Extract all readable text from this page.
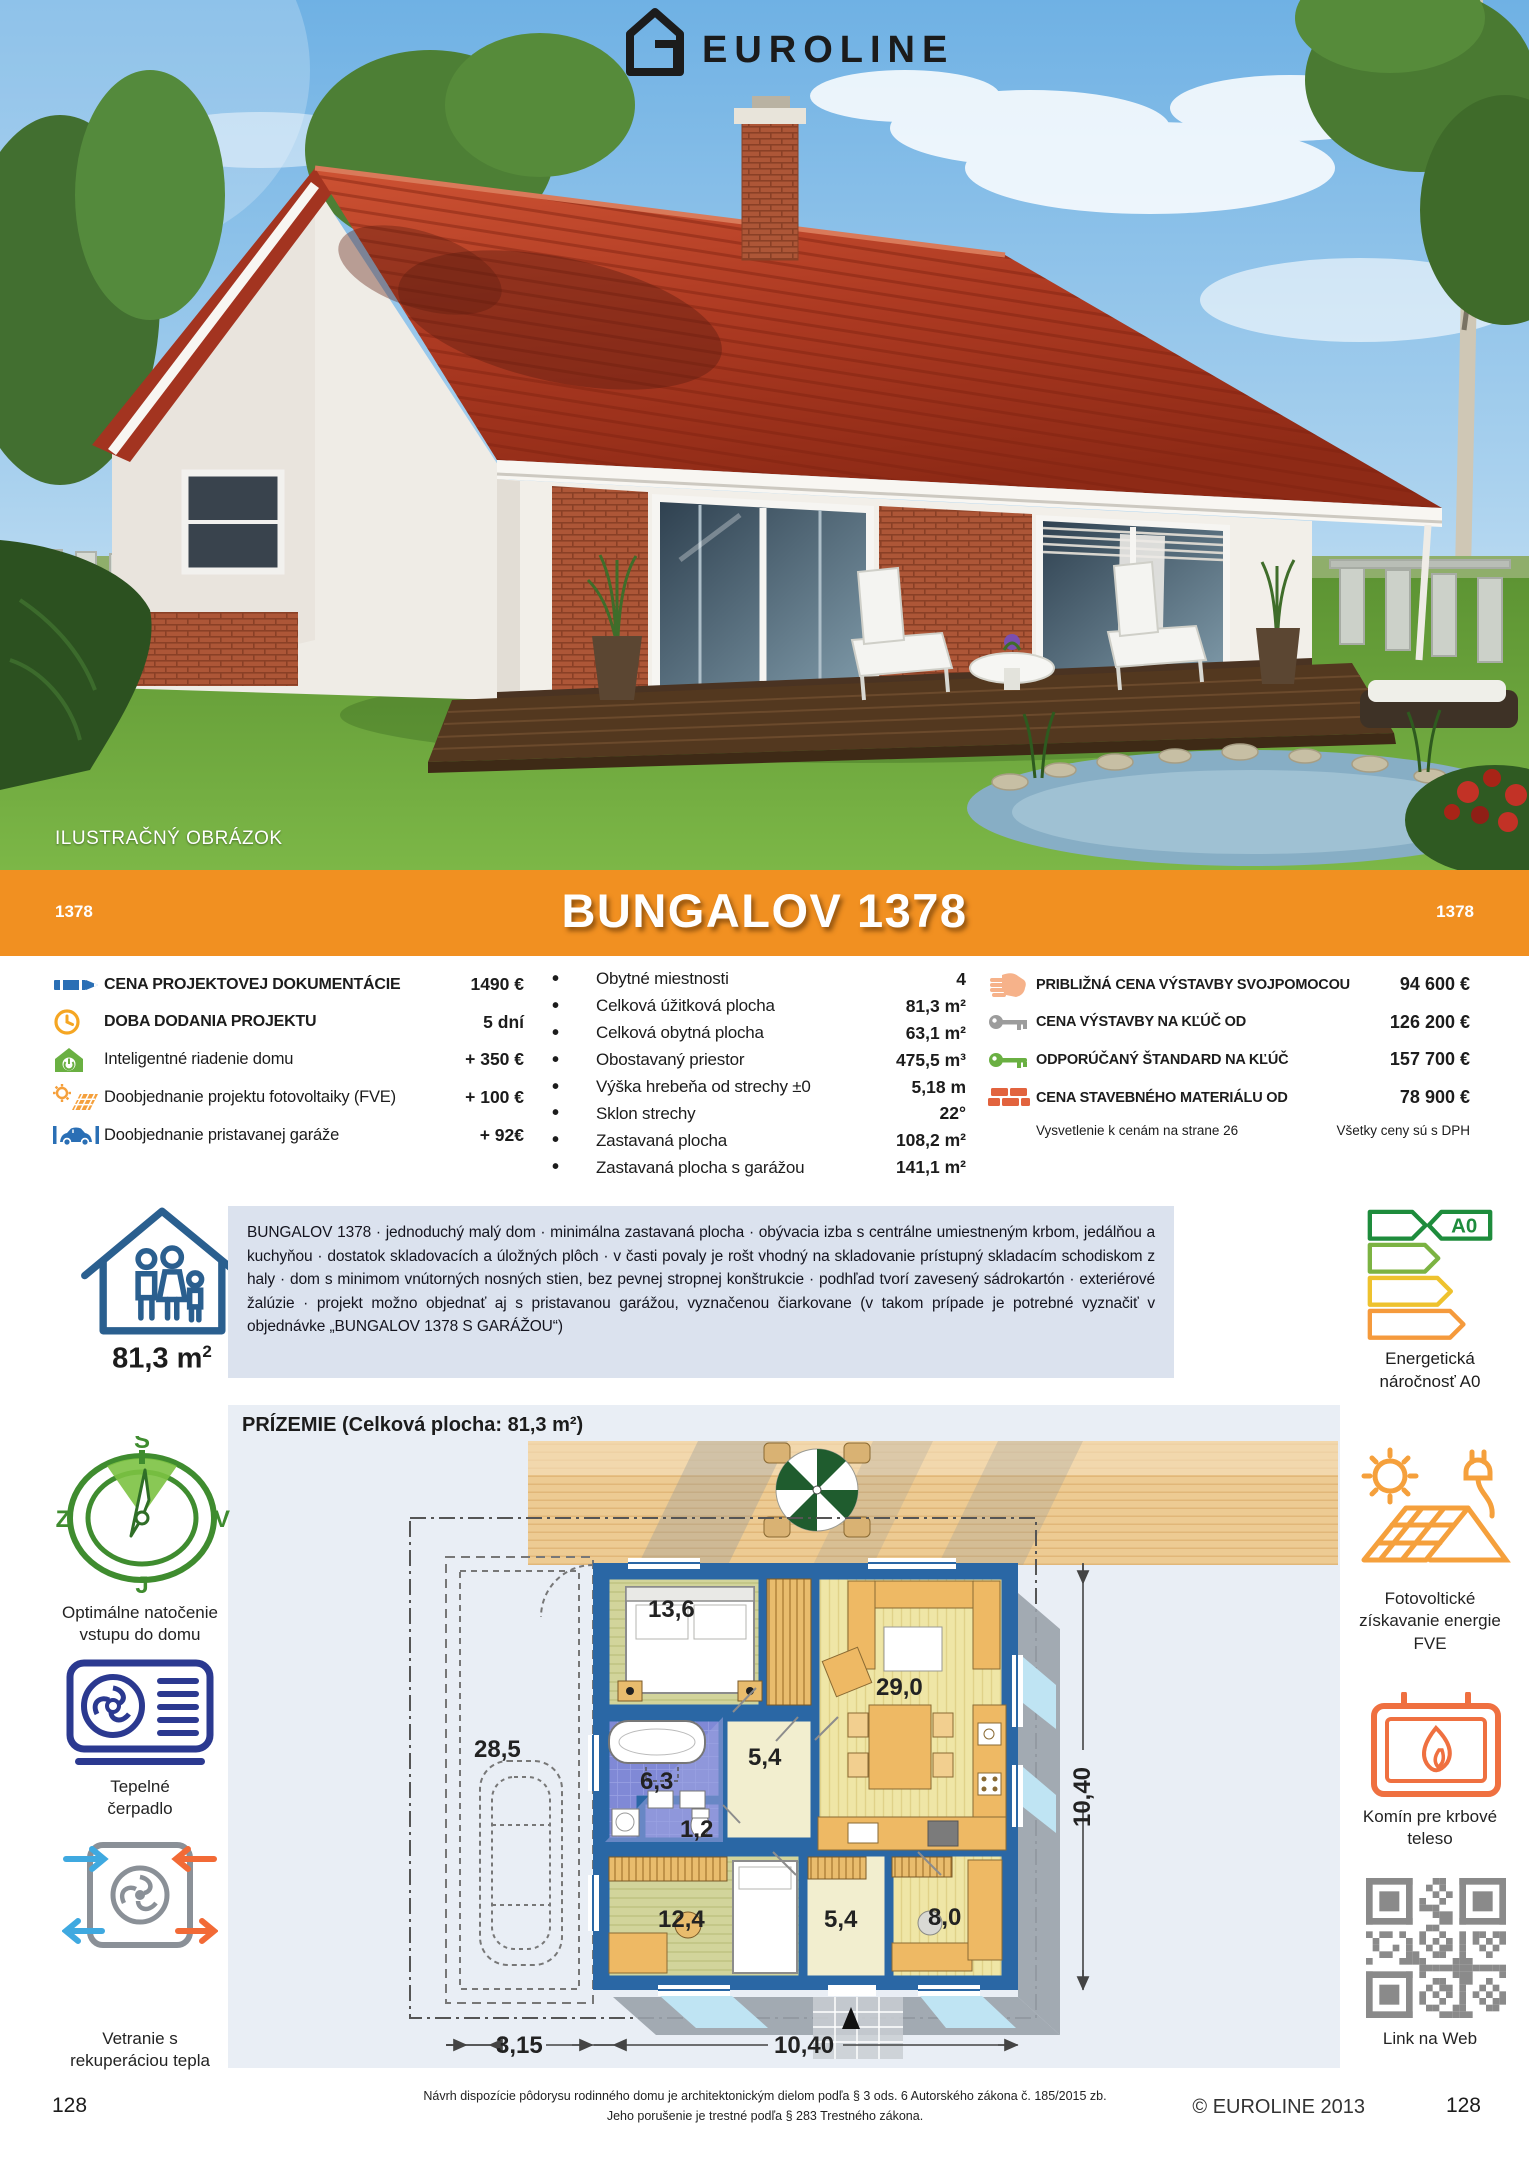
EUROLINE
ILUSTRAČNÝ OBRÁZOK
1378	BUNGALOV 1378	1378
CENA PROJEKTOVEJ DOKUMENTÁCIE	1490 €
DOBA DODANIA PROJEKTU	5 dní
Inteligentné riadenie domu	+ 350 €
Doobjednanie projektu fotovoltaiky (FVE)	+ 100 €
Doobjednanie pristavanej garáže	+ 92€
•
Obytné miestnosti	4
•
Celková úžitková plocha	81,3 m²
•
Celková obytná plocha	63,1 m²
•
Obostavaný priestor	475,5 m³
•
Výška hrebeňa od strechy ±0	5,18 m
•
Sklon strechy	22°
•
Zastavaná plocha	108,2 m²
•
Zastavaná plocha s garážou	141,1 m²
PRIBLIŽNÁ CENA VÝSTAVBY SVOJPOMOCOU	94 600 €
CENA VÝSTAVBY NA KĽÚČ OD	126 200 €
ODPORÚČANÝ ŠTANDARD NA KĽÚČ	157 700 €
CENA STAVEBNÉHO MATERIÁLU OD	78 900 €
Vysvetlenie k cenám na strane 26	Všetky ceny sú s DPH
81,3 $m^2$
BUNGALOV 1378 · jednoduchý malý dom · minimálna zastavaná plocha · obývacia izba s centrálne umiestneným krbom, jedálňou a kuchyňou · dostatok skladovacích a úložných plôch · v časti povaly je rošt vhodný na skladovanie prístupný skladacím schodiskom z haly · dom s minimom vnútorných nosných stien, bez pevnej stropnej konštrukcie · podhľad tvorí zavesený sádrokartón · exteriérové žalúzie · projekt možno objednať aj s pristavanou garážou, vyznačenou čiarkovane (v takom prípade je potrebné vyznačiť v objednávke „BUNGALOV 1378 S GARÁŽOU“)
A0
Energetická
náročnosť A0
PRÍZEMIE (Celková plocha: 81,3 m²)
13,6
29,0
6,3
5,4
1,2
12,4	5,4	8,0
28,5
3,15	10,40
10,40
S
Z	V
J
Optimálne natočenie
vstupu do domu
Tepelné
čerpadlo
Vetranie s
rekuperáciou tepla
Fotovoltické
získavanie energie
FVE
Komín pre krbové
teleso
Link na Web
128	Návrh dispozície pôdorysu rodinného domu je architektonickým dielom podľa § 3 ods. 6 Autorského zákona č. 185/2015 zb.
Jeho porušenie je trestné podľa § 283 Trestného zákona.	© EUROLINE 2013	128
